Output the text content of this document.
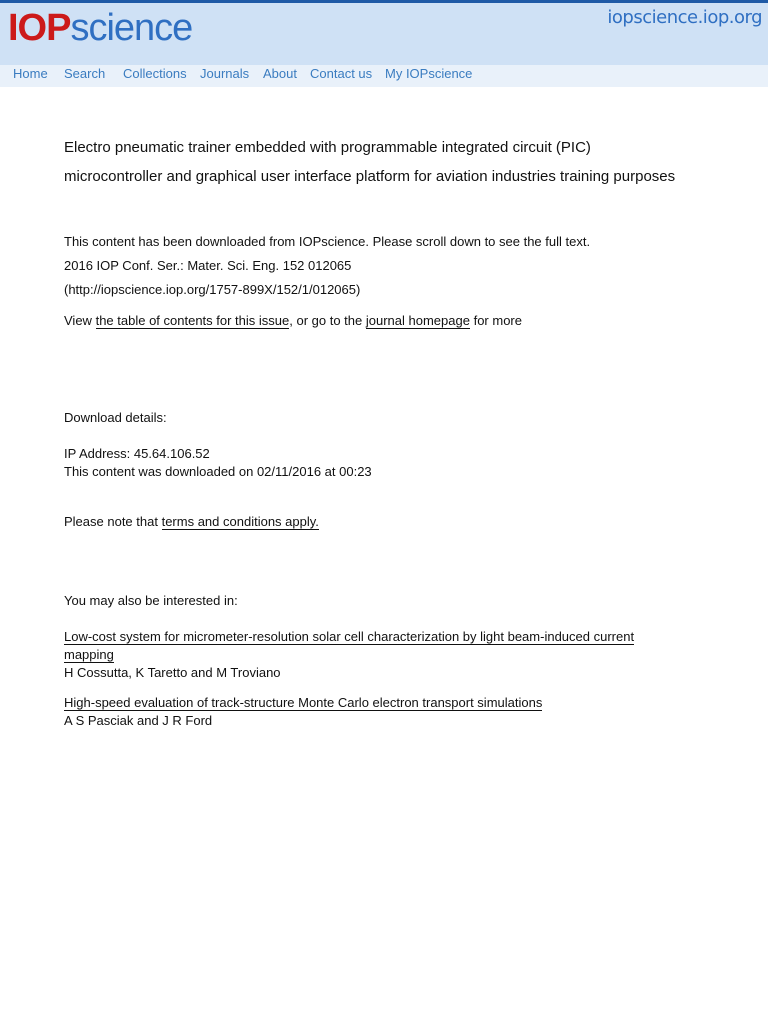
IOPscience	iopscience.iop.org
Home Search Collections Journals About Contact us My IOPscience
Electro pneumatic trainer embedded with programmable integrated circuit (PIC)
microcontroller and graphical user interface platform for aviation industries training purposes
This content has been downloaded from IOPscience. Please scroll down to see the full text.
2016 IOP Conf. Ser.: Mater. Sci. Eng. 152 012065
(http://iopscience.iop.org/1757-899X/152/1/012065)
View the table of contents for this issue, or go to the journal homepage for more
Download details:
IP Address: 45.64.106.52
This content was downloaded on 02/11/2016 at 00:23
Please note that terms and conditions apply.
You may also be interested in:
Low-cost system for micrometer-resolution solar cell characterization by light beam-induced current
mapping
H Cossutta, K Taretto and M Troviano
High-speed evaluation of track-structure Monte Carlo electron transport simulations
A S Pasciak and J R Ford
